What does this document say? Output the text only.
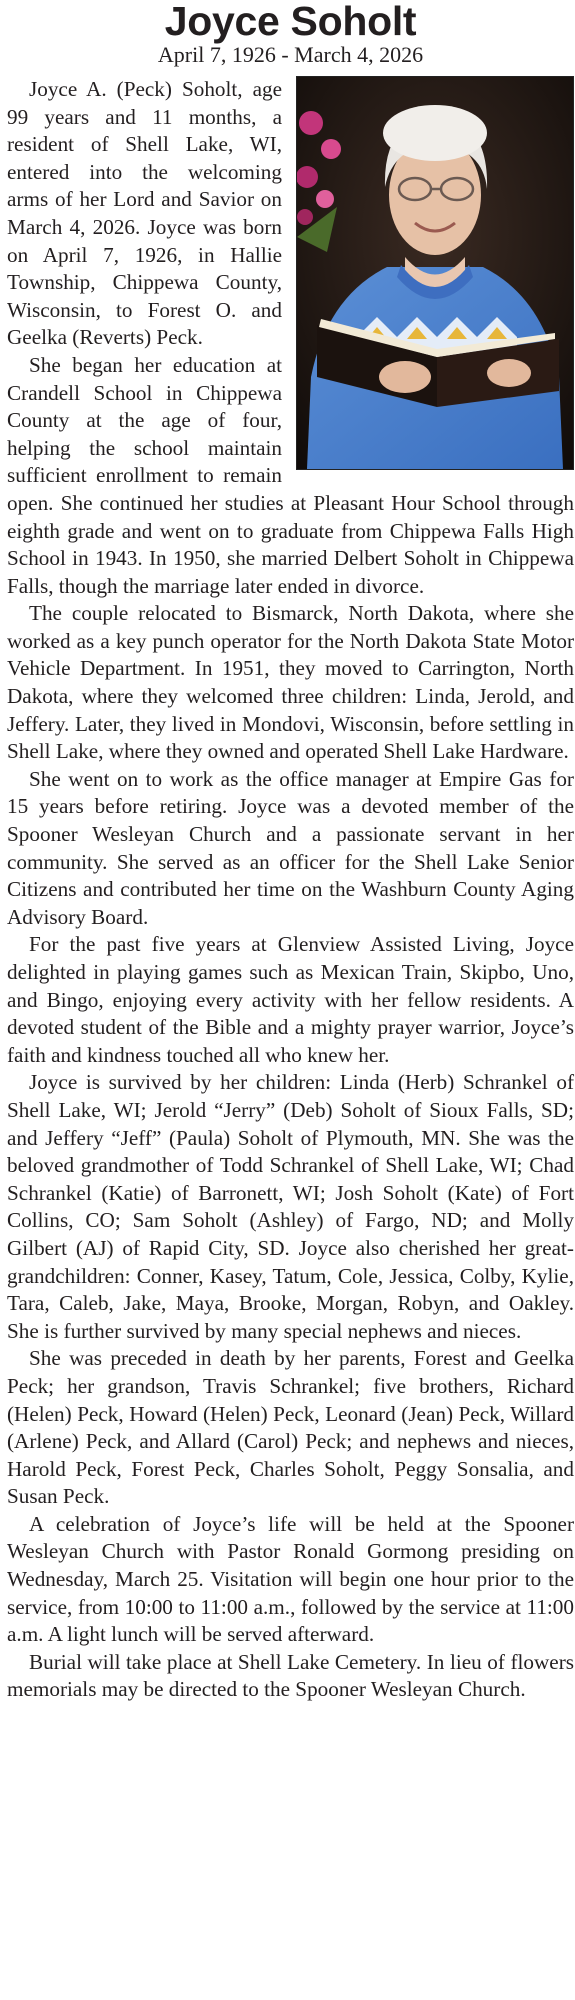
Joyce Soholt
April 7, 1926 - March 4, 2026

Joyce A. (Peck) Soholt, age 99 years and 11 months, a resident of Shell Lake, WI, entered into the welcoming arms of her Lord and Savior on March 4, 2026. Joyce was born on April 7, 1926, in Hallie Township, Chippewa County, Wisconsin, to Forest O. and Geelka (Reverts) Peck.

She began her education at Crandell School in Chippewa County at the age of four, helping the school maintain sufficient enrollment to remain open. She continued her studies at Pleasant Hour School through eighth grade and went on to graduate from Chippewa Falls High School in 1943. In 1950, she married Delbert Soholt in Chippewa Falls, though the marriage later ended in divorce.

The couple relocated to Bismarck, North Dakota, where she worked as a key punch operator for the North Dakota State Motor Vehicle Department. In 1951, they moved to Carrington, North Dakota, where they welcomed three children: Linda, Jerold, and Jeffery. Later, they lived in Mondovi, Wisconsin, before settling in Shell Lake, where they owned and operated Shell Lake Hardware.

She went on to work as the office manager at Empire Gas for 15 years before retiring. Joyce was a devoted member of the Spooner Wesleyan Church and a passionate servant in her community. She served as an officer for the Shell Lake Senior Citizens and contributed her time on the Washburn County Aging Advisory Board.

For the past five years at Glenview Assisted Living, Joyce delighted in playing games such as Mexican Train, Skipbo, Uno, and Bingo, enjoying every activity with her fellow residents. A devoted student of the Bible and a mighty prayer warrior, Joyce’s faith and kindness touched all who knew her.

Joyce is survived by her children: Linda (Herb) Schrankel of Shell Lake, WI; Jerold “Jerry” (Deb) Soholt of Sioux Falls, SD; and Jeffery “Jeff” (Paula) Soholt of Plymouth, MN. She was the beloved grandmother of Todd Schrankel of Shell Lake, WI; Chad Schrankel (Katie) of Barronett, WI; Josh Soholt (Kate) of Fort Collins, CO; Sam Soholt (Ashley) of Fargo, ND; and Molly Gilbert (AJ) of Rapid City, SD. Joyce also cherished her great-grandchildren: Conner, Kasey, Tatum, Cole, Jessica, Colby, Kylie, Tara, Caleb, Jake, Maya, Brooke, Morgan, Robyn, and Oakley. She is further survived by many special nephews and nieces.

She was preceded in death by her parents, Forest and Geelka Peck; her grandson, Travis Schrankel; five brothers, Richard (Helen) Peck, Howard (Helen) Peck, Leonard (Jean) Peck, Willard (Arlene) Peck, and Allard (Carol) Peck; and nephews and nieces, Harold Peck, Forest Peck, Charles Soholt, Peggy Sonsalia, and Susan Peck.

A celebration of Joyce’s life will be held at the Spooner Wesleyan Church with Pastor Ronald Gormong presiding on Wednesday, March 25. Visitation will begin one hour prior to the service, from 10:00 to 11:00 a.m., followed by the service at 11:00 a.m. A light lunch will be served afterward.

Burial will take place at Shell Lake Cemetery. In lieu of flowers memorials may be directed to the Spooner Wesleyan Church.
